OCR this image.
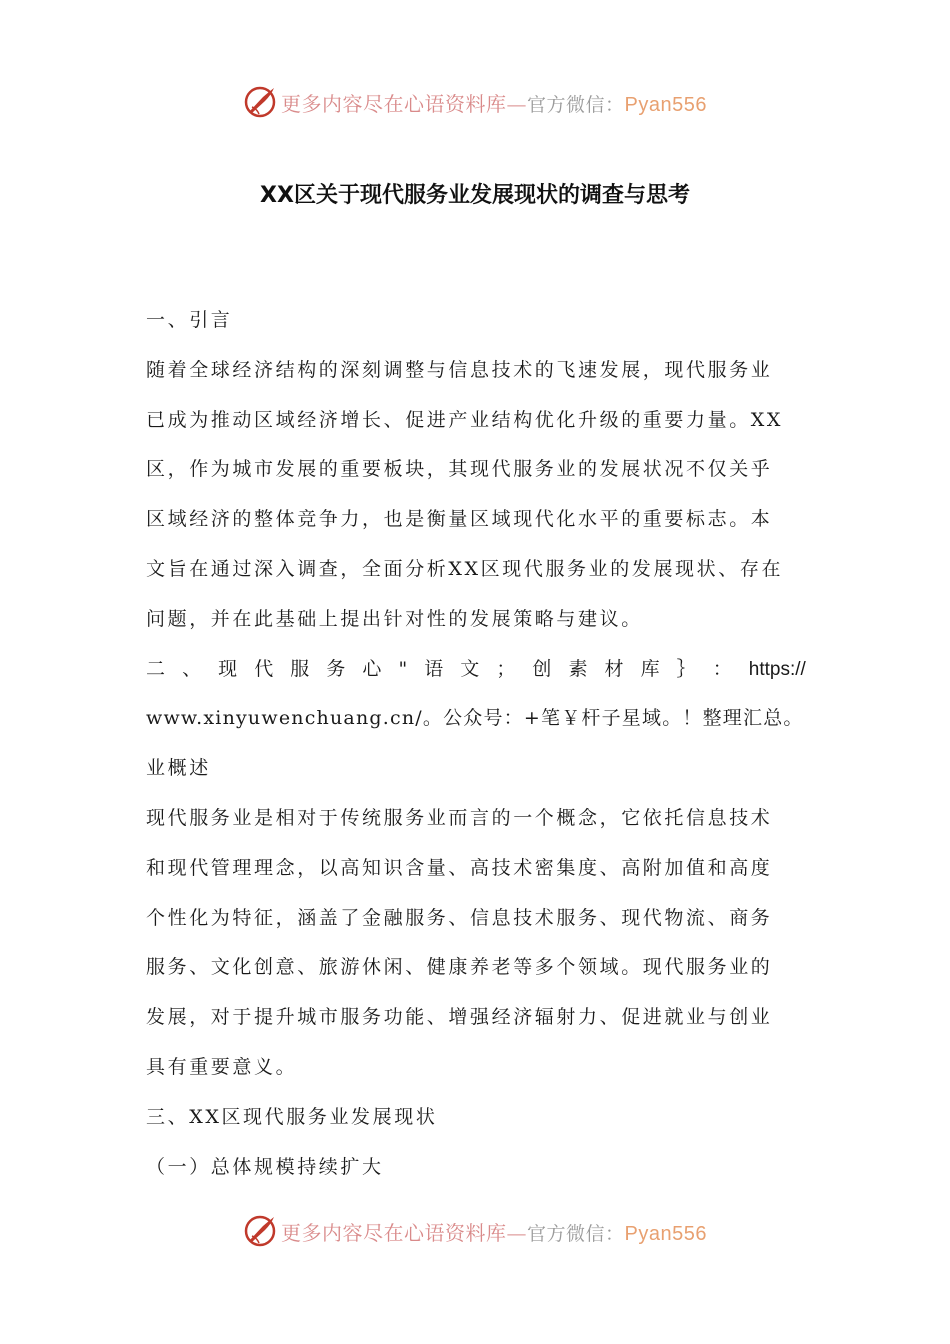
更多内容尽在心语资料库—官方微信：Pyan556
XX区关于现代服务业发展现状的调查与思考
一、引言
随着全球经济结构的深刻调整与信息技术的飞速发展，现代服务业
已成为推动区域经济增长、促进产业结构优化升级的重要力量。XX
区，作为城市发展的重要板块，其现代服务业的发展状况不仅关乎
区域经济的整体竞争力，也是衡量区域现代化水平的重要标志。本
文旨在通过深入调查，全面分析XX区现代服务业的发展现状、存在
问题，并在此基础上提出针对性的发展策略与建议。
二 、 现 代 服 务 心 " 语 文 ； 创 素 材 库 ｝ ： https://
www.xinyuwenchuang.cn/。公众号：+笔￥杆子星域。！整理汇总。
业概述
现代服务业是相对于传统服务业而言的一个概念，它依托信息技术
和现代管理理念，以高知识含量、高技术密集度、高附加值和高度
个性化为特征，涵盖了金融服务、信息技术服务、现代物流、商务
服务、文化创意、旅游休闲、健康养老等多个领域。现代服务业的
发展，对于提升城市服务功能、增强经济辐射力、促进就业与创业
具有重要意义。
三、XX区现代服务业发展现状
（一）总体规模持续扩大
更多内容尽在心语资料库—官方微信：Pyan556
